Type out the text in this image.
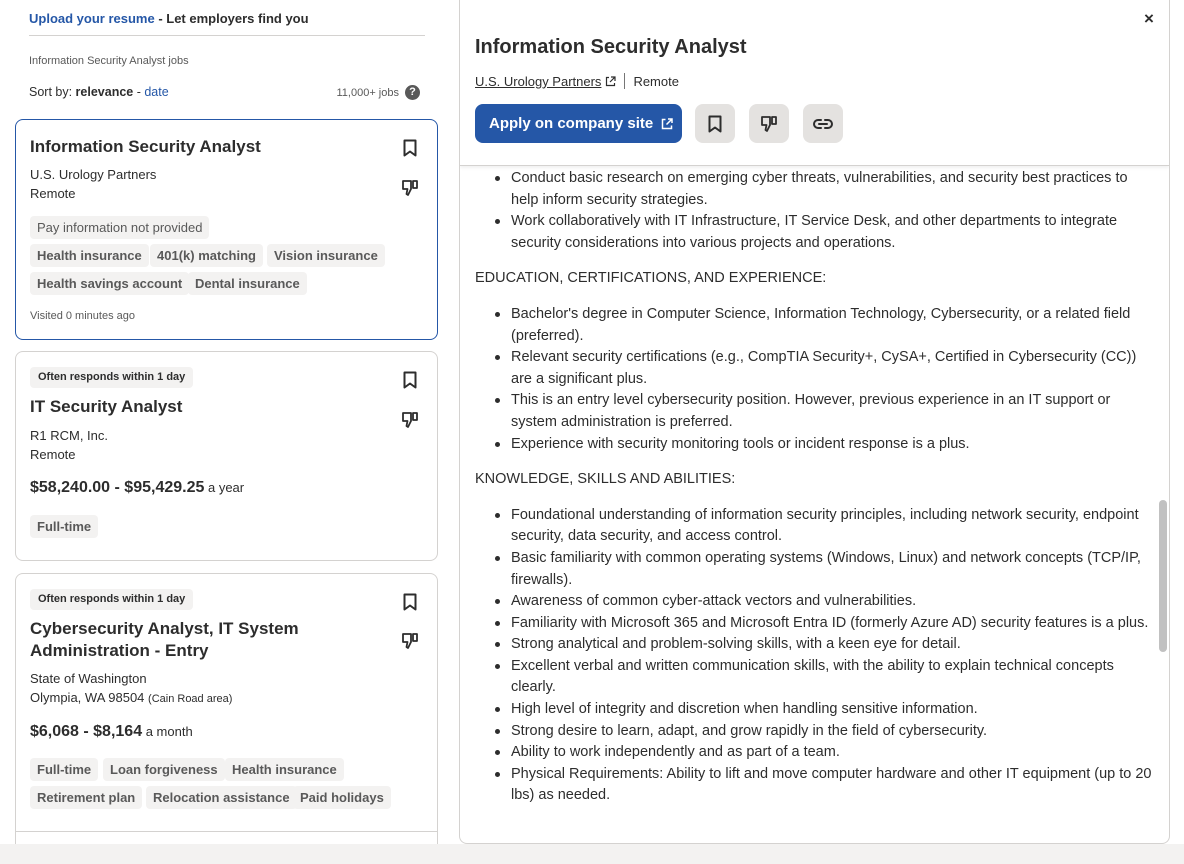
Upload your resume - Let employers find you
Information Security Analyst jobs
Sort by: relevance - date	11,000+ jobs ?
Information Security Analyst
U.S. Urology Partners
Remote
Pay information not provided
Health insurance	401(k) matching	Vision insurance
Health savings account Dental insurance
Visited 0 minutes ago
Often responds within 1 day
IT Security Analyst
R1 RCM, Inc.
Remote
$58,240.00 - $95,429.25 a year
Full-time
Often responds within 1 day
Cybersecurity Analyst, IT System
Administration - Entry
State of Washington
Olympia, WA 98504 (Cain Road area)
$6,068 - $8,164 a month
Full-time	Loan forgiveness	Health insurance
Retirement plan	Relocation assistance Paid holidays
×
Information Security Analyst
U.S. Urology Partners Remote
Apply on company site
Conduct basic research on emerging cyber threats, vulnerabilities, and security best practices to help inform security strategies.
Work collaboratively with IT Infrastructure, IT Service Desk, and other departments to integrate security considerations into various projects and operations.

EDUCATION, CERTIFICATIONS, AND EXPERIENCE:

Bachelor's degree in Computer Science, Information Technology, Cybersecurity, or a related field (preferred).
Relevant security certifications (e.g., CompTIA Security+, CySA+, Certified in Cybersecurity (CC)) are a significant plus.
This is an entry level cybersecurity position. However, previous experience in an IT support or system administration is preferred.
Experience with security monitoring tools or incident response is a plus.

KNOWLEDGE, SKILLS AND ABILITIES:

Foundational understanding of information security principles, including network security, endpoint security, data security, and access control.
Basic familiarity with common operating systems (Windows, Linux) and network concepts (TCP/IP, firewalls).
Awareness of common cyber-attack vectors and vulnerabilities.
Familiarity with Microsoft 365 and Microsoft Entra ID (formerly Azure AD) security features is a plus.
Strong analytical and problem-solving skills, with a keen eye for detail.
Excellent verbal and written communication skills, with the ability to explain technical concepts clearly.
High level of integrity and discretion when handling sensitive information.
Strong desire to learn, adapt, and grow rapidly in the field of cybersecurity.
Ability to work independently and as part of a team.
Physical Requirements: Ability to lift and move computer hardware and other IT equipment (up to 20 lbs) as needed.
